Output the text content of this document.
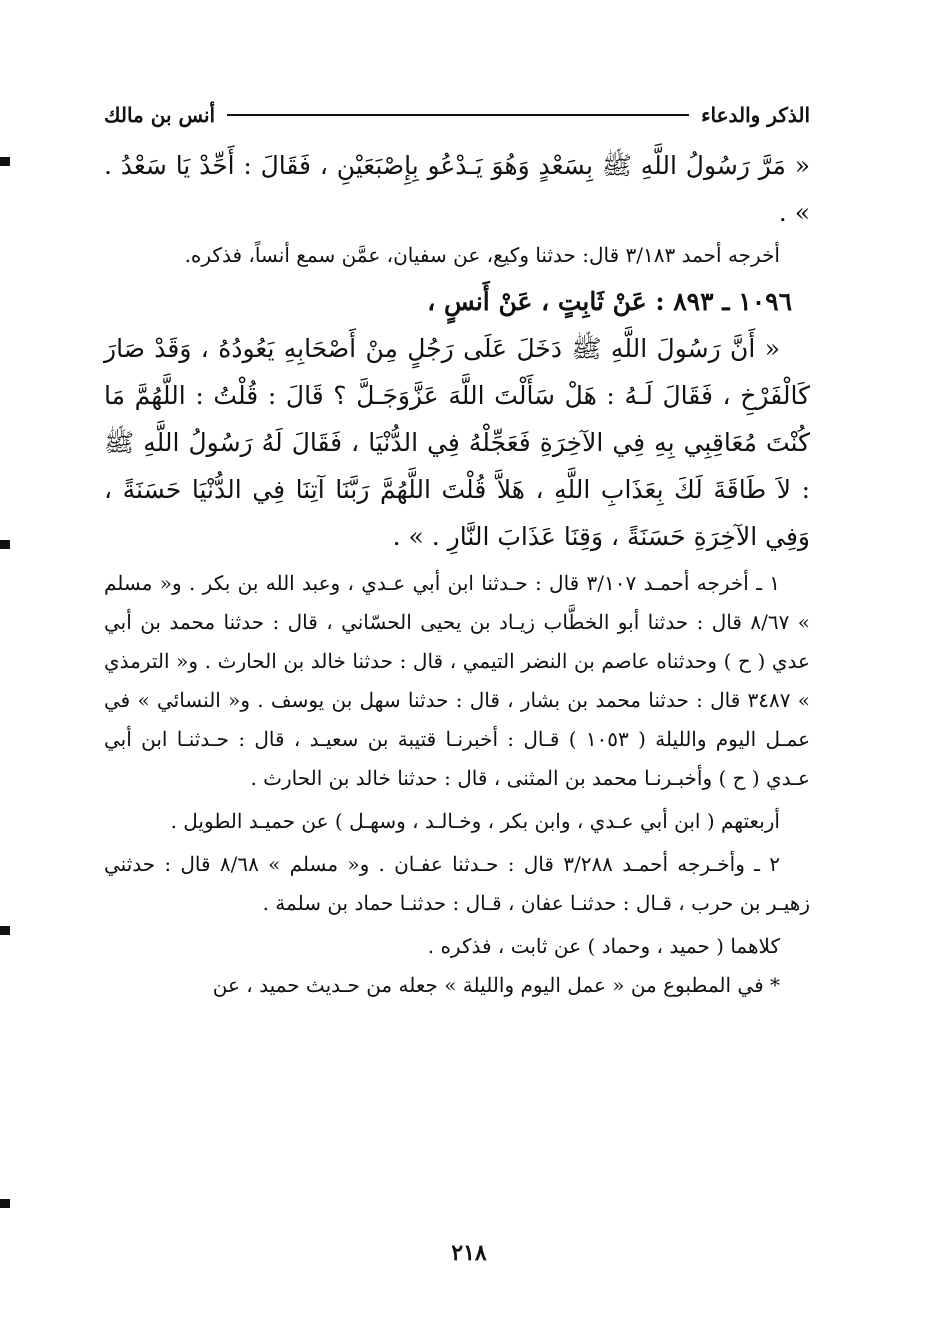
الذكر والدعاء
أنس بن مالك

« مَرَّ رَسُولُ اللَّهِ ﷺ بِسَعْدٍ وَهُوَ يَـدْعُو بِإِصْبَعَيْنِ ، فَقَالَ : أَحِّدْ يَا سَعْدُ . » .

أخرجه أحمد ٣/١٨٣ قال: حدثنا وكيع، عن سفيان، عمَّن سمع أنساً، فذكره.

١٠٩٦ ـ ٨٩٣ : عَنْ ثَابِتٍ ، عَنْ أَنسٍ ،

« أَنَّ رَسُولَ اللَّهِ ﷺ دَخَلَ عَلَى رَجُلٍ مِنْ أَصْحَابِهِ يَعُودُهُ ، وَقَدْ صَارَ كَالْفَرْخِ ، فَقَالَ لَـهُ : هَلْ سَأَلْتَ اللَّهَ عَزَّوَجَـلَّ ؟ قَالَ : قُلْتُ : اللَّهُمَّ مَا كُنْتَ مُعَاقِبِي بِهِ فِي الآخِرَةِ فَعَجِّلْهُ فِي الدُّنْيَا ، فَقَالَ لَهُ رَسُولُ اللَّهِ ﷺ : لاَ طَاقَةَ لَكَ بِعَذَابِ اللَّهِ ، هَلاَّ قُلْتَ اللَّهُمَّ رَبَّنَا آتِنَا فِي الدُّنْيَا حَسَنَةً ، وَفِي الآخِرَةِ حَسَنَةً ، وَقِنَا عَذَابَ النَّارِ . » .

١ ـ أخرجه أحمـد ٣/١٠٧ قال : حـدثنا ابن أبي عـدي ، وعبد الله بن بكر . و« مسلم » ٨/٦٧ قال : حدثنا أبو الخطَّاب زيـاد بن يحيى الحسّاني ، قال : حدثنا محمد بن أبي عدي ( ح ) وحدثناه عاصم بن النضر التيمي ، قال : حدثنا خالد بن الحارث . و« الترمذي » ٣٤٨٧ قال : حدثنا محمد بن بشار ، قال : حدثنا سهل بن يوسف . و« النسائي » في عمـل اليوم والليلة ( ١٠٥٣ ) قـال : أخبرنـا قتيبة بن سعيـد ، قال : حـدثنـا ابن أبي عـدي ( ح ) وأخبـرنـا محمد بن المثنى ، قال : حدثنا خالد بن الحارث .

أربعتهم ( ابن أبي عـدي ، وابن بكر ، وخـالـد ، وسهـل ) عن حميـد الطويل .

٢ ـ وأخـرجه أحمـد ٣/٢٨٨ قال : حـدثنا عفـان . و« مسلم » ٨/٦٨ قال : حدثني زهيـر بن حرب ، قـال : حدثنـا عفان ، قـال : حدثنـا حماد بن سلمة .

كلاهما ( حميد ، وحماد ) عن ثابت ، فذكره .

* في المطبوع من « عمل اليوم والليلة » جعله من حـديث حميد ، عن

٢١٨
